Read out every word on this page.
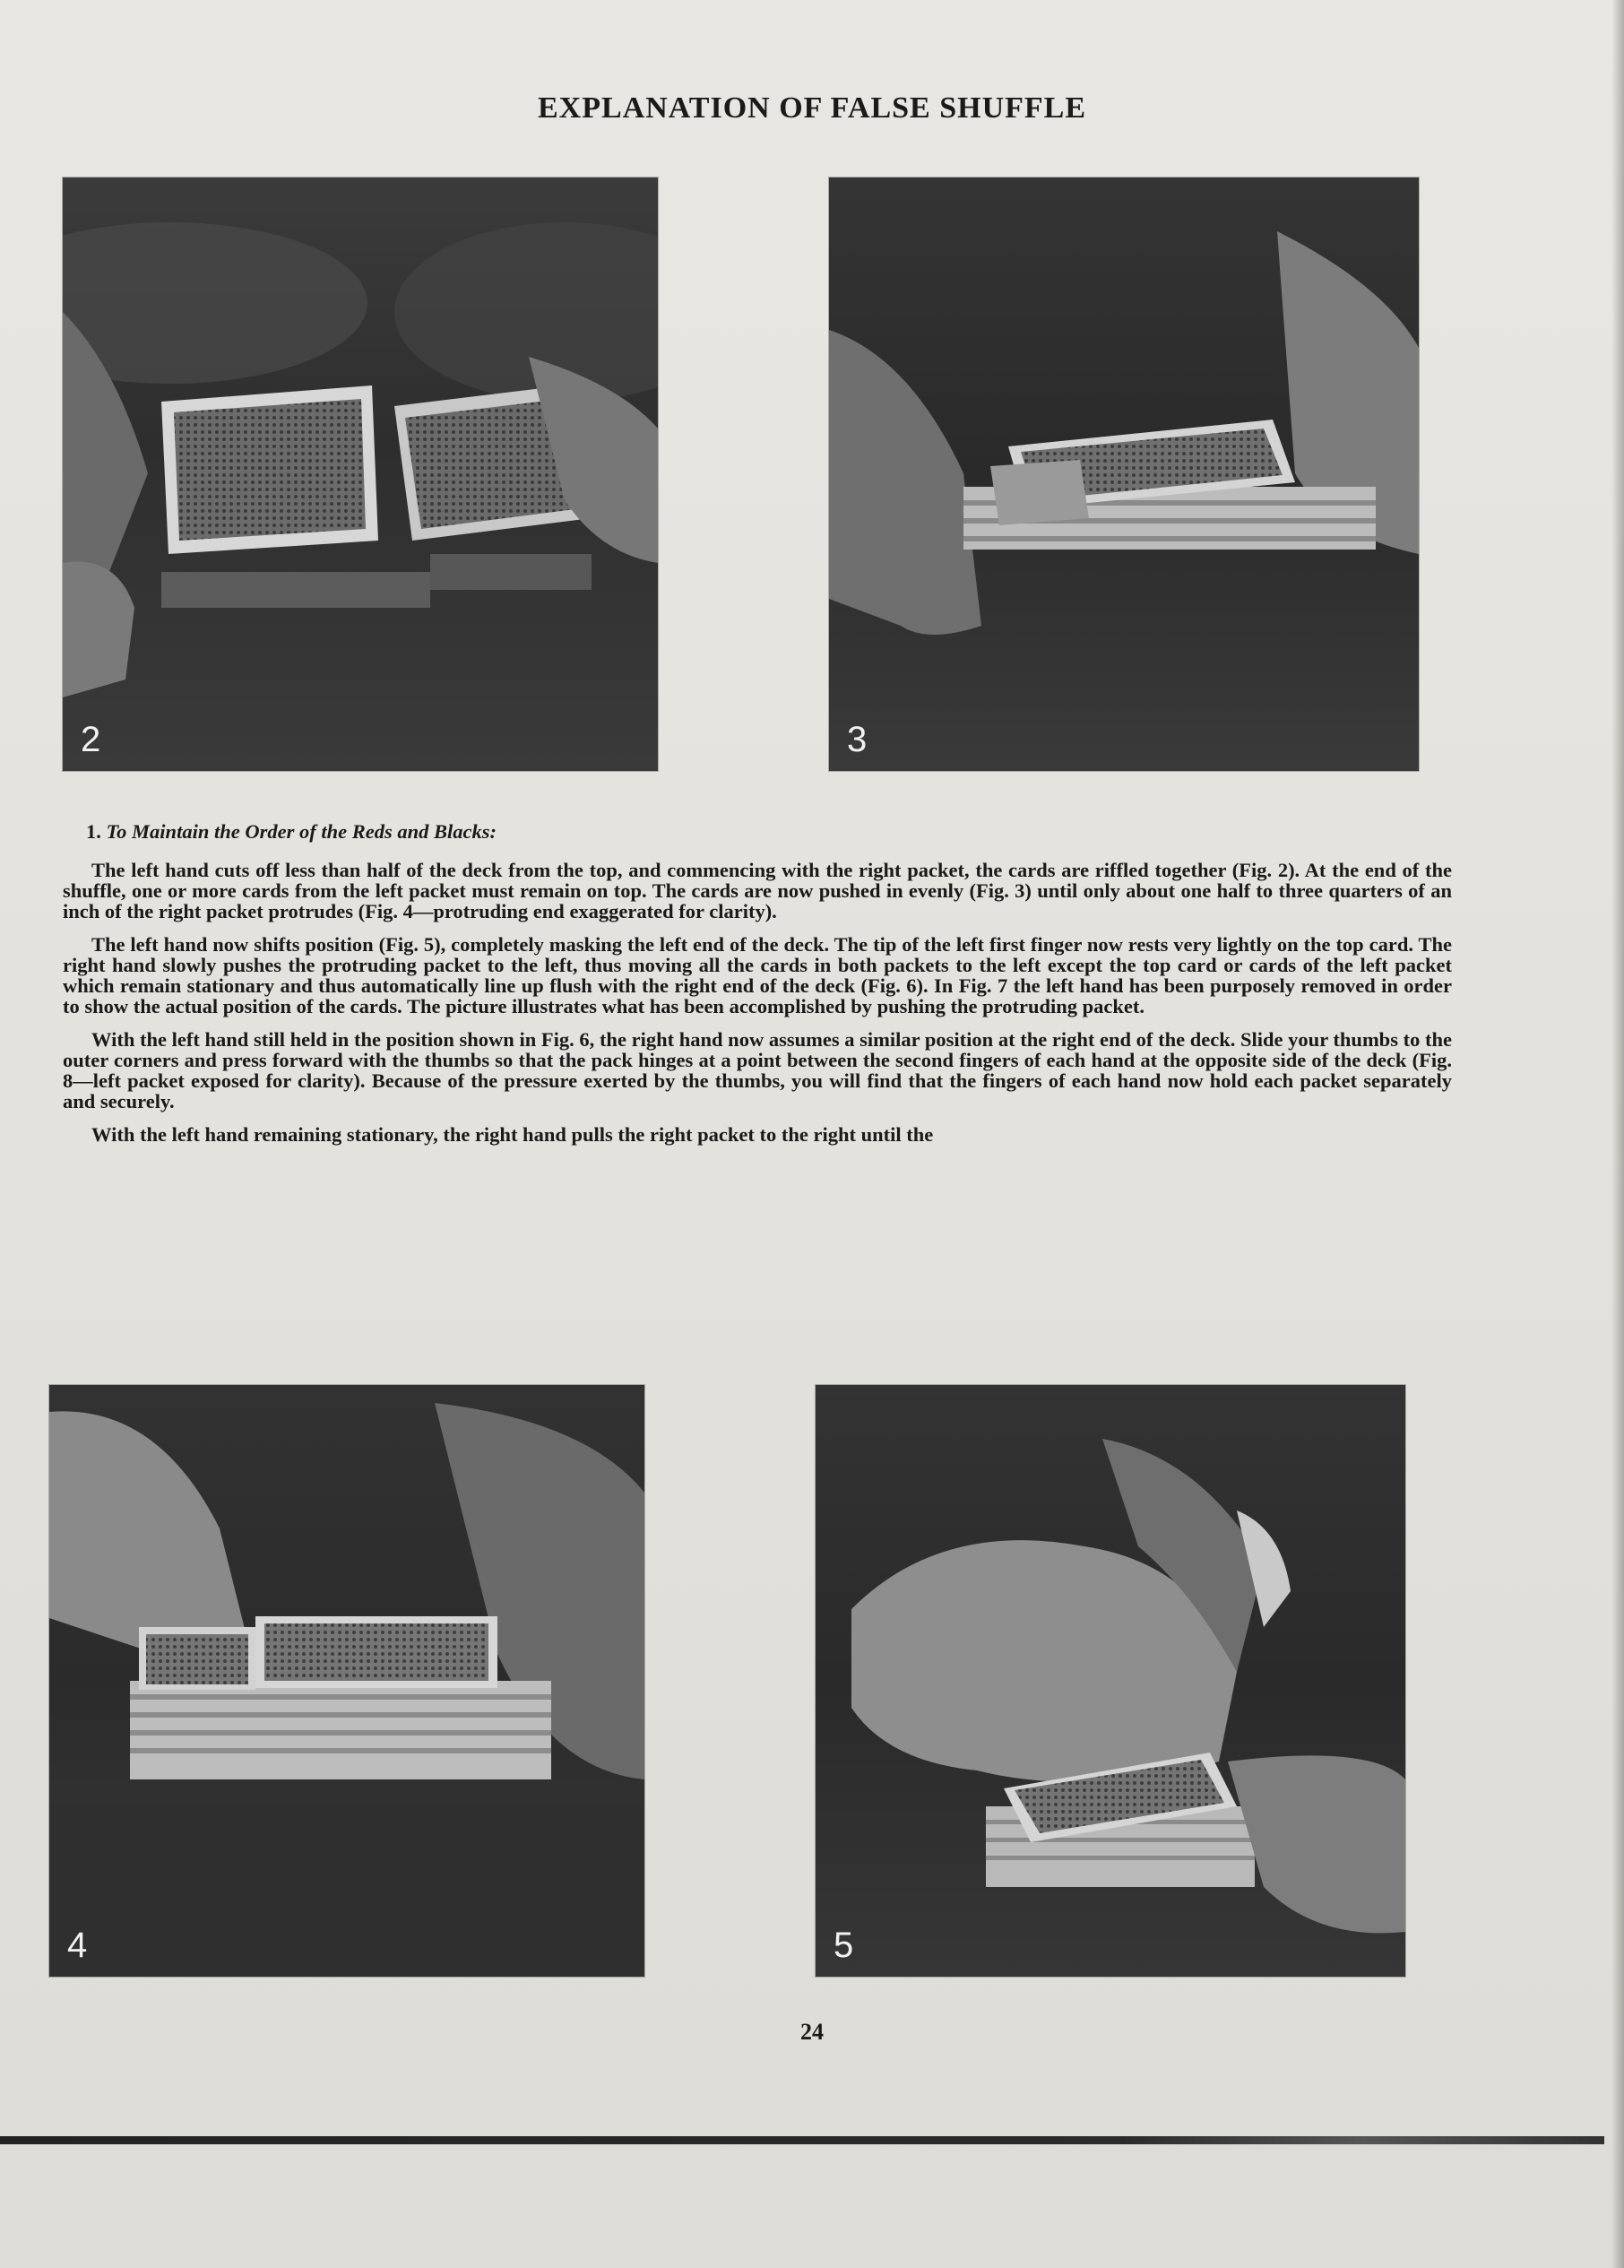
EXPLANATION OF FALSE SHUFFLE
2	3
1. To Maintain the Order of the Reds and Blacks:

The left hand cuts off less than half of the deck from the top, and commencing with the right packet, the cards are riffled together (Fig. 2). At the end of the shuffle, one or more cards from the left packet must remain on top. The cards are now pushed in evenly (Fig. 3) until only about one half to three quarters of an inch of the right packet protrudes (Fig. 4—protruding end exaggerated for clarity).

The left hand now shifts position (Fig. 5), completely masking the left end of the deck. The tip of the left first finger now rests very lightly on the top card. The right hand slowly pushes the protruding packet to the left, thus moving all the cards in both packets to the left except the top card or cards of the left packet which remain stationary and thus automatically line up flush with the right end of the deck (Fig. 6). In Fig. 7 the left hand has been purposely removed in order to show the actual position of the cards. The picture illustrates what has been accomplished by pushing the protruding packet.

With the left hand still held in the position shown in Fig. 6, the right hand now assumes a similar position at the right end of the deck. Slide your thumbs to the outer corners and press forward with the thumbs so that the pack hinges at a point between the second fingers of each hand at the opposite side of the deck (Fig. 8—left packet exposed for clarity). Because of the pressure exerted by the thumbs, you will find that the fingers of each hand now hold each packet separately and securely.

With the left hand remaining stationary, the right hand pulls the right packet to the right until the

4	5
24
